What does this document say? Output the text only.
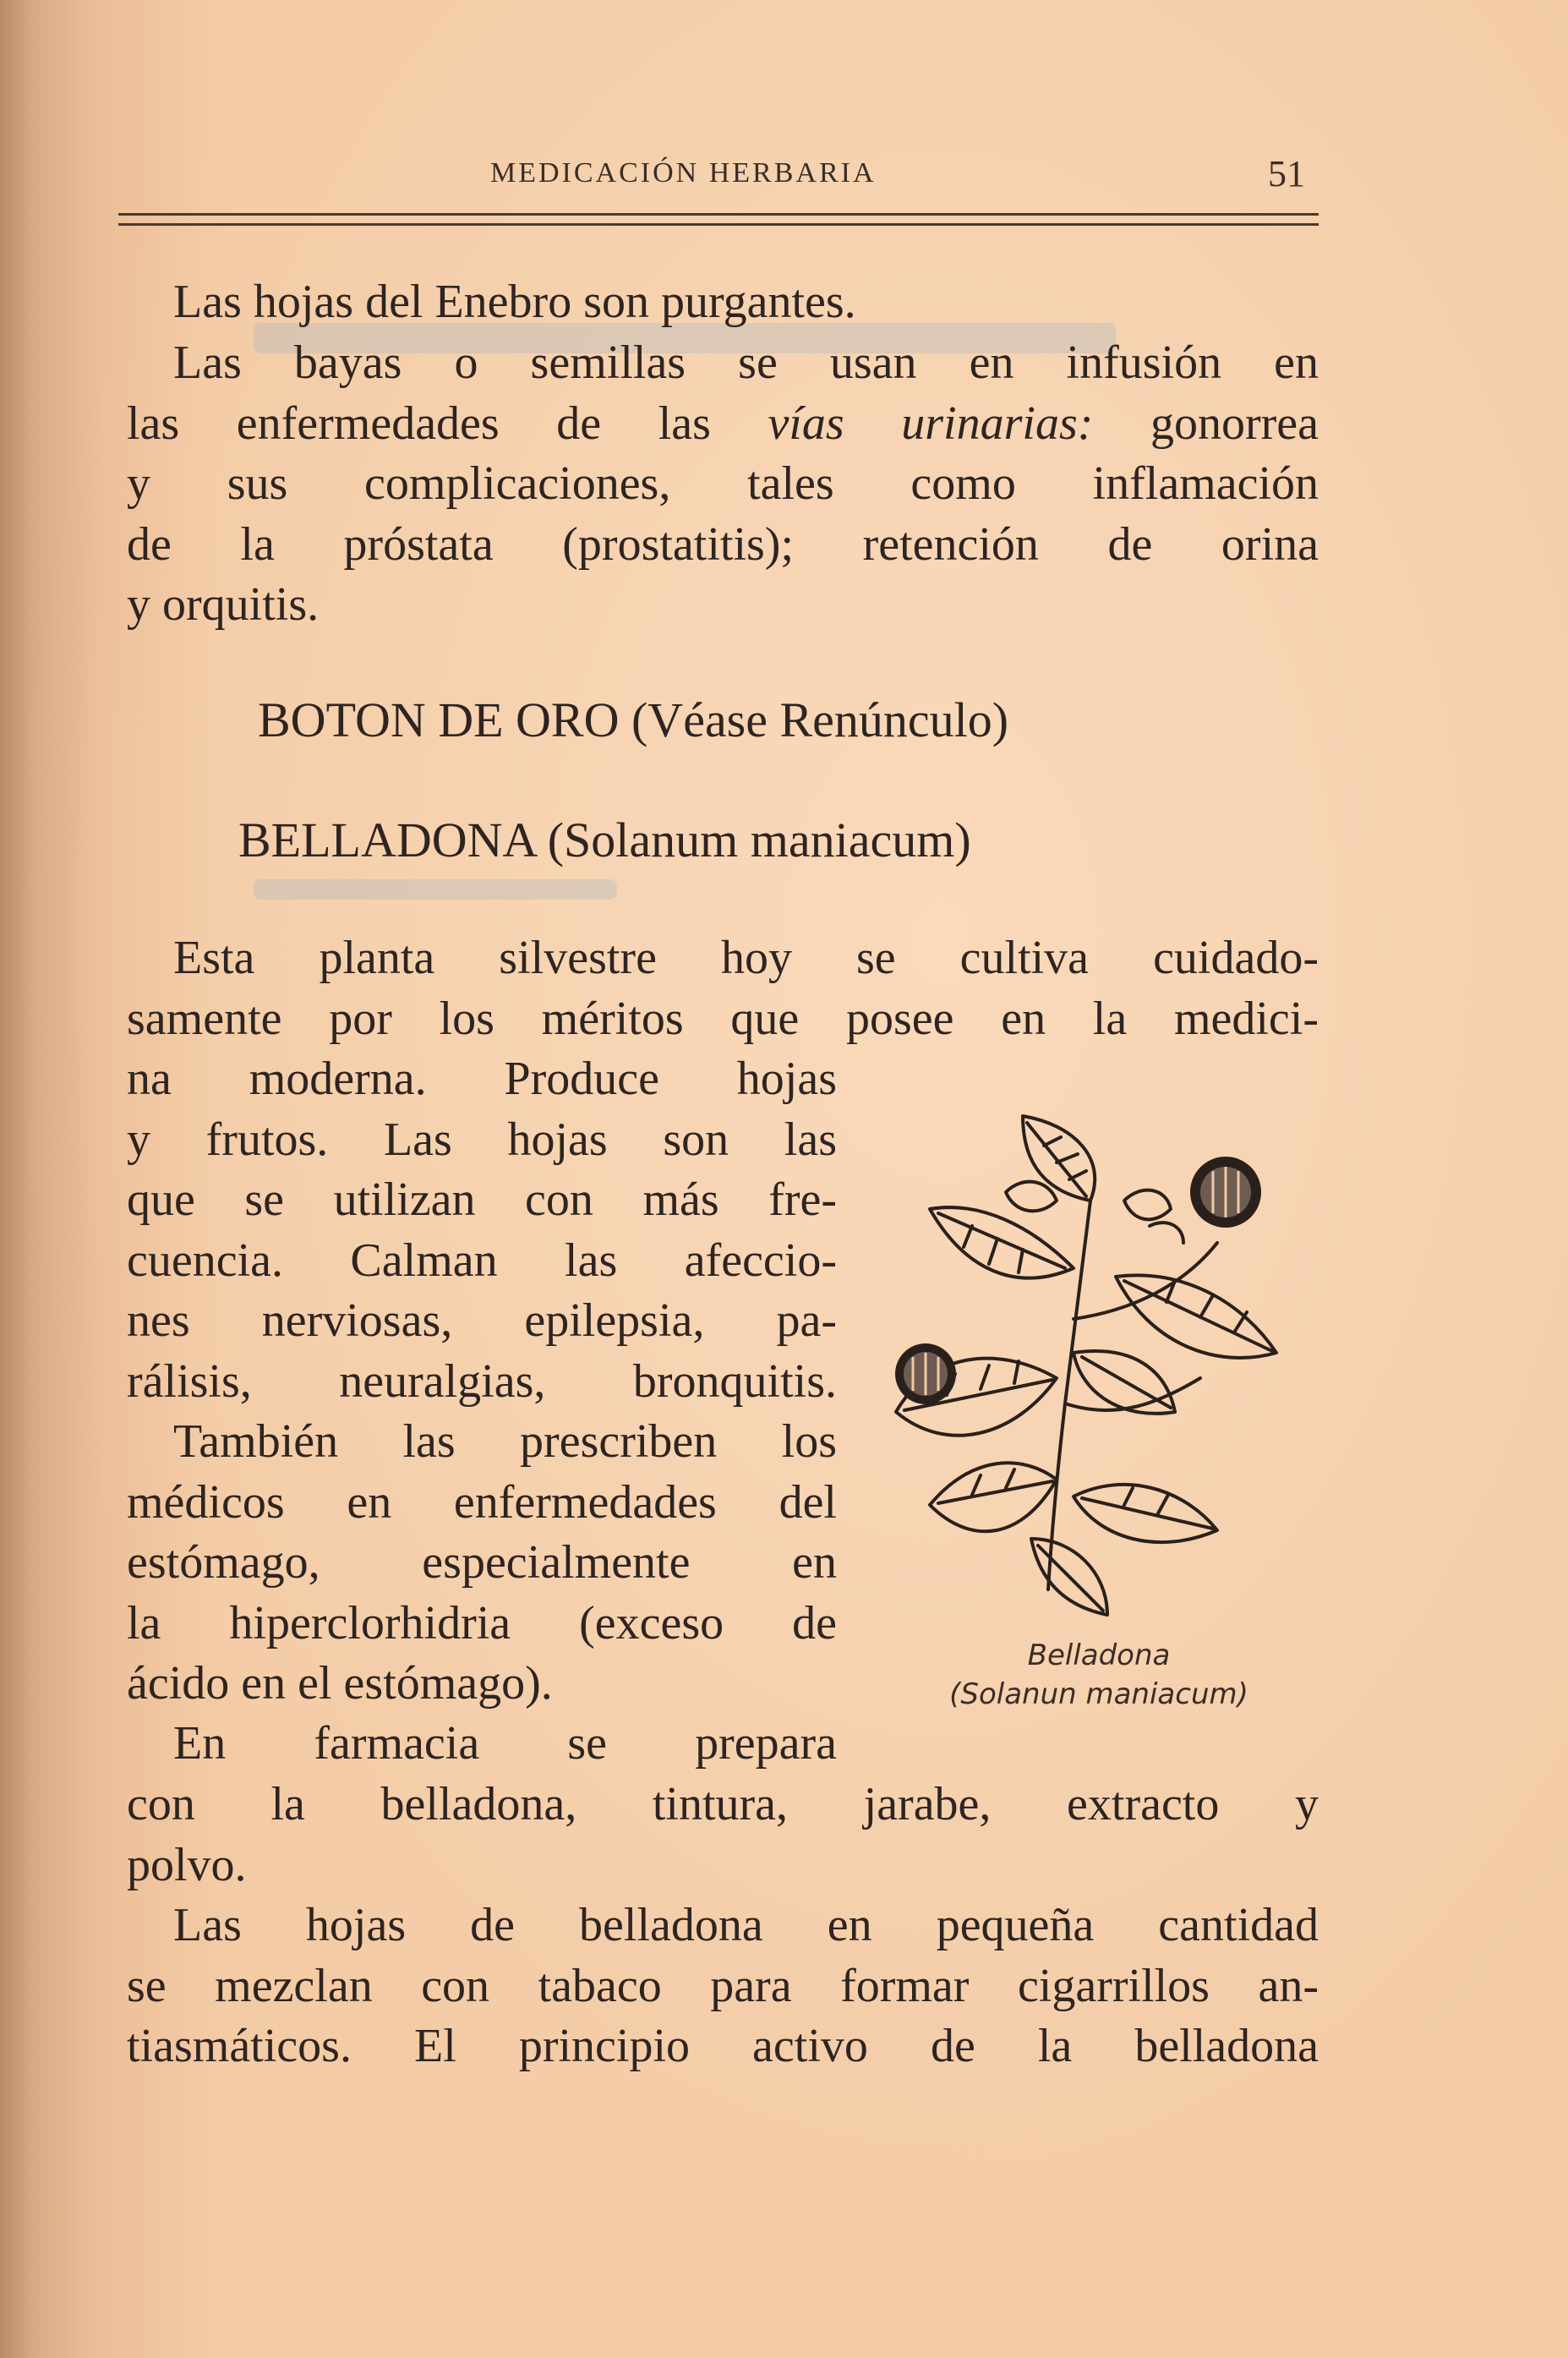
MEDICACIÓN HERBARIA	51
Las hojas del Enebro son purgantes.
Las bayas o semillas se usan en infusión en
las enfermedades de las vías urinarias: gonorrea
y sus complicaciones, tales como inflamación
de la próstata (prostatitis); retención de orina
y orquitis.
BOTON DE ORO (Véase Renúnculo)
BELLADONA (Solanum maniacum)
Esta planta silvestre hoy se cultiva cuidado-
samente por los méritos que posee en la medici-
na moderna. Produce hojas
y frutos. Las hojas son las
que se utilizan con más fre-
cuencia. Calman las afeccio-
nes nerviosas, epilepsia, pa-
rálisis, neuralgias, bronquitis.
También las prescriben los
médicos en enfermedades del
estómago, especialmente en
la hiperclorhidria (exceso de
ácido en el estómago).
En farmacia se prepara
con la belladona, tintura, jarabe, extracto y
polvo.
Las hojas de belladona en pequeña cantidad
se mezclan con tabaco para formar cigarrillos an-
tiasmáticos. El principio activo de la belladona
Belladona
(Solanun maniacum)
